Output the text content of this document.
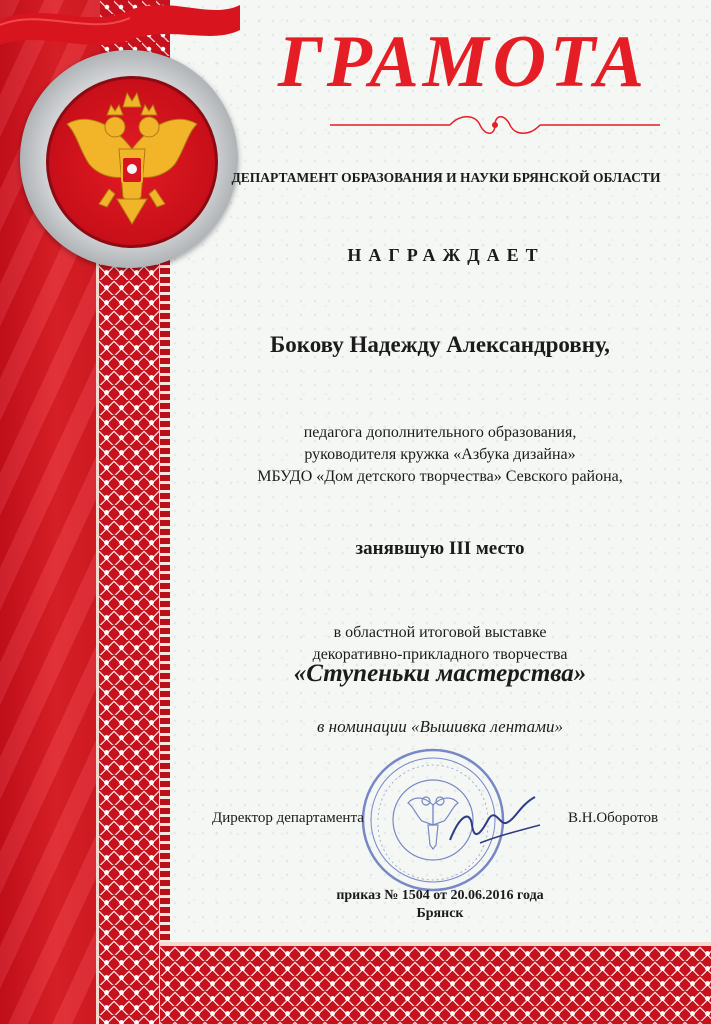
ГРАМОТА
ДЕПАРТАМЕНТ ОБРАЗОВАНИЯ И НАУКИ БРЯНСКОЙ ОБЛАСТИ
НАГРАЖДАЕТ
Бокову Надежду Александровну,
педагога дополнительного образования,
руководителя кружка «Азбука дизайна»
МБУДО «Дом детского творчества» Севского района,
занявшую III место
в областной итоговой выставке
декоративно-прикладного творчества
«Ступеньки мастерства»
в номинации «Вышивка лентами»
Директор департамента	В.Н.Оборотов
приказ № 1504 от 20.06.2016 года
Брянск
